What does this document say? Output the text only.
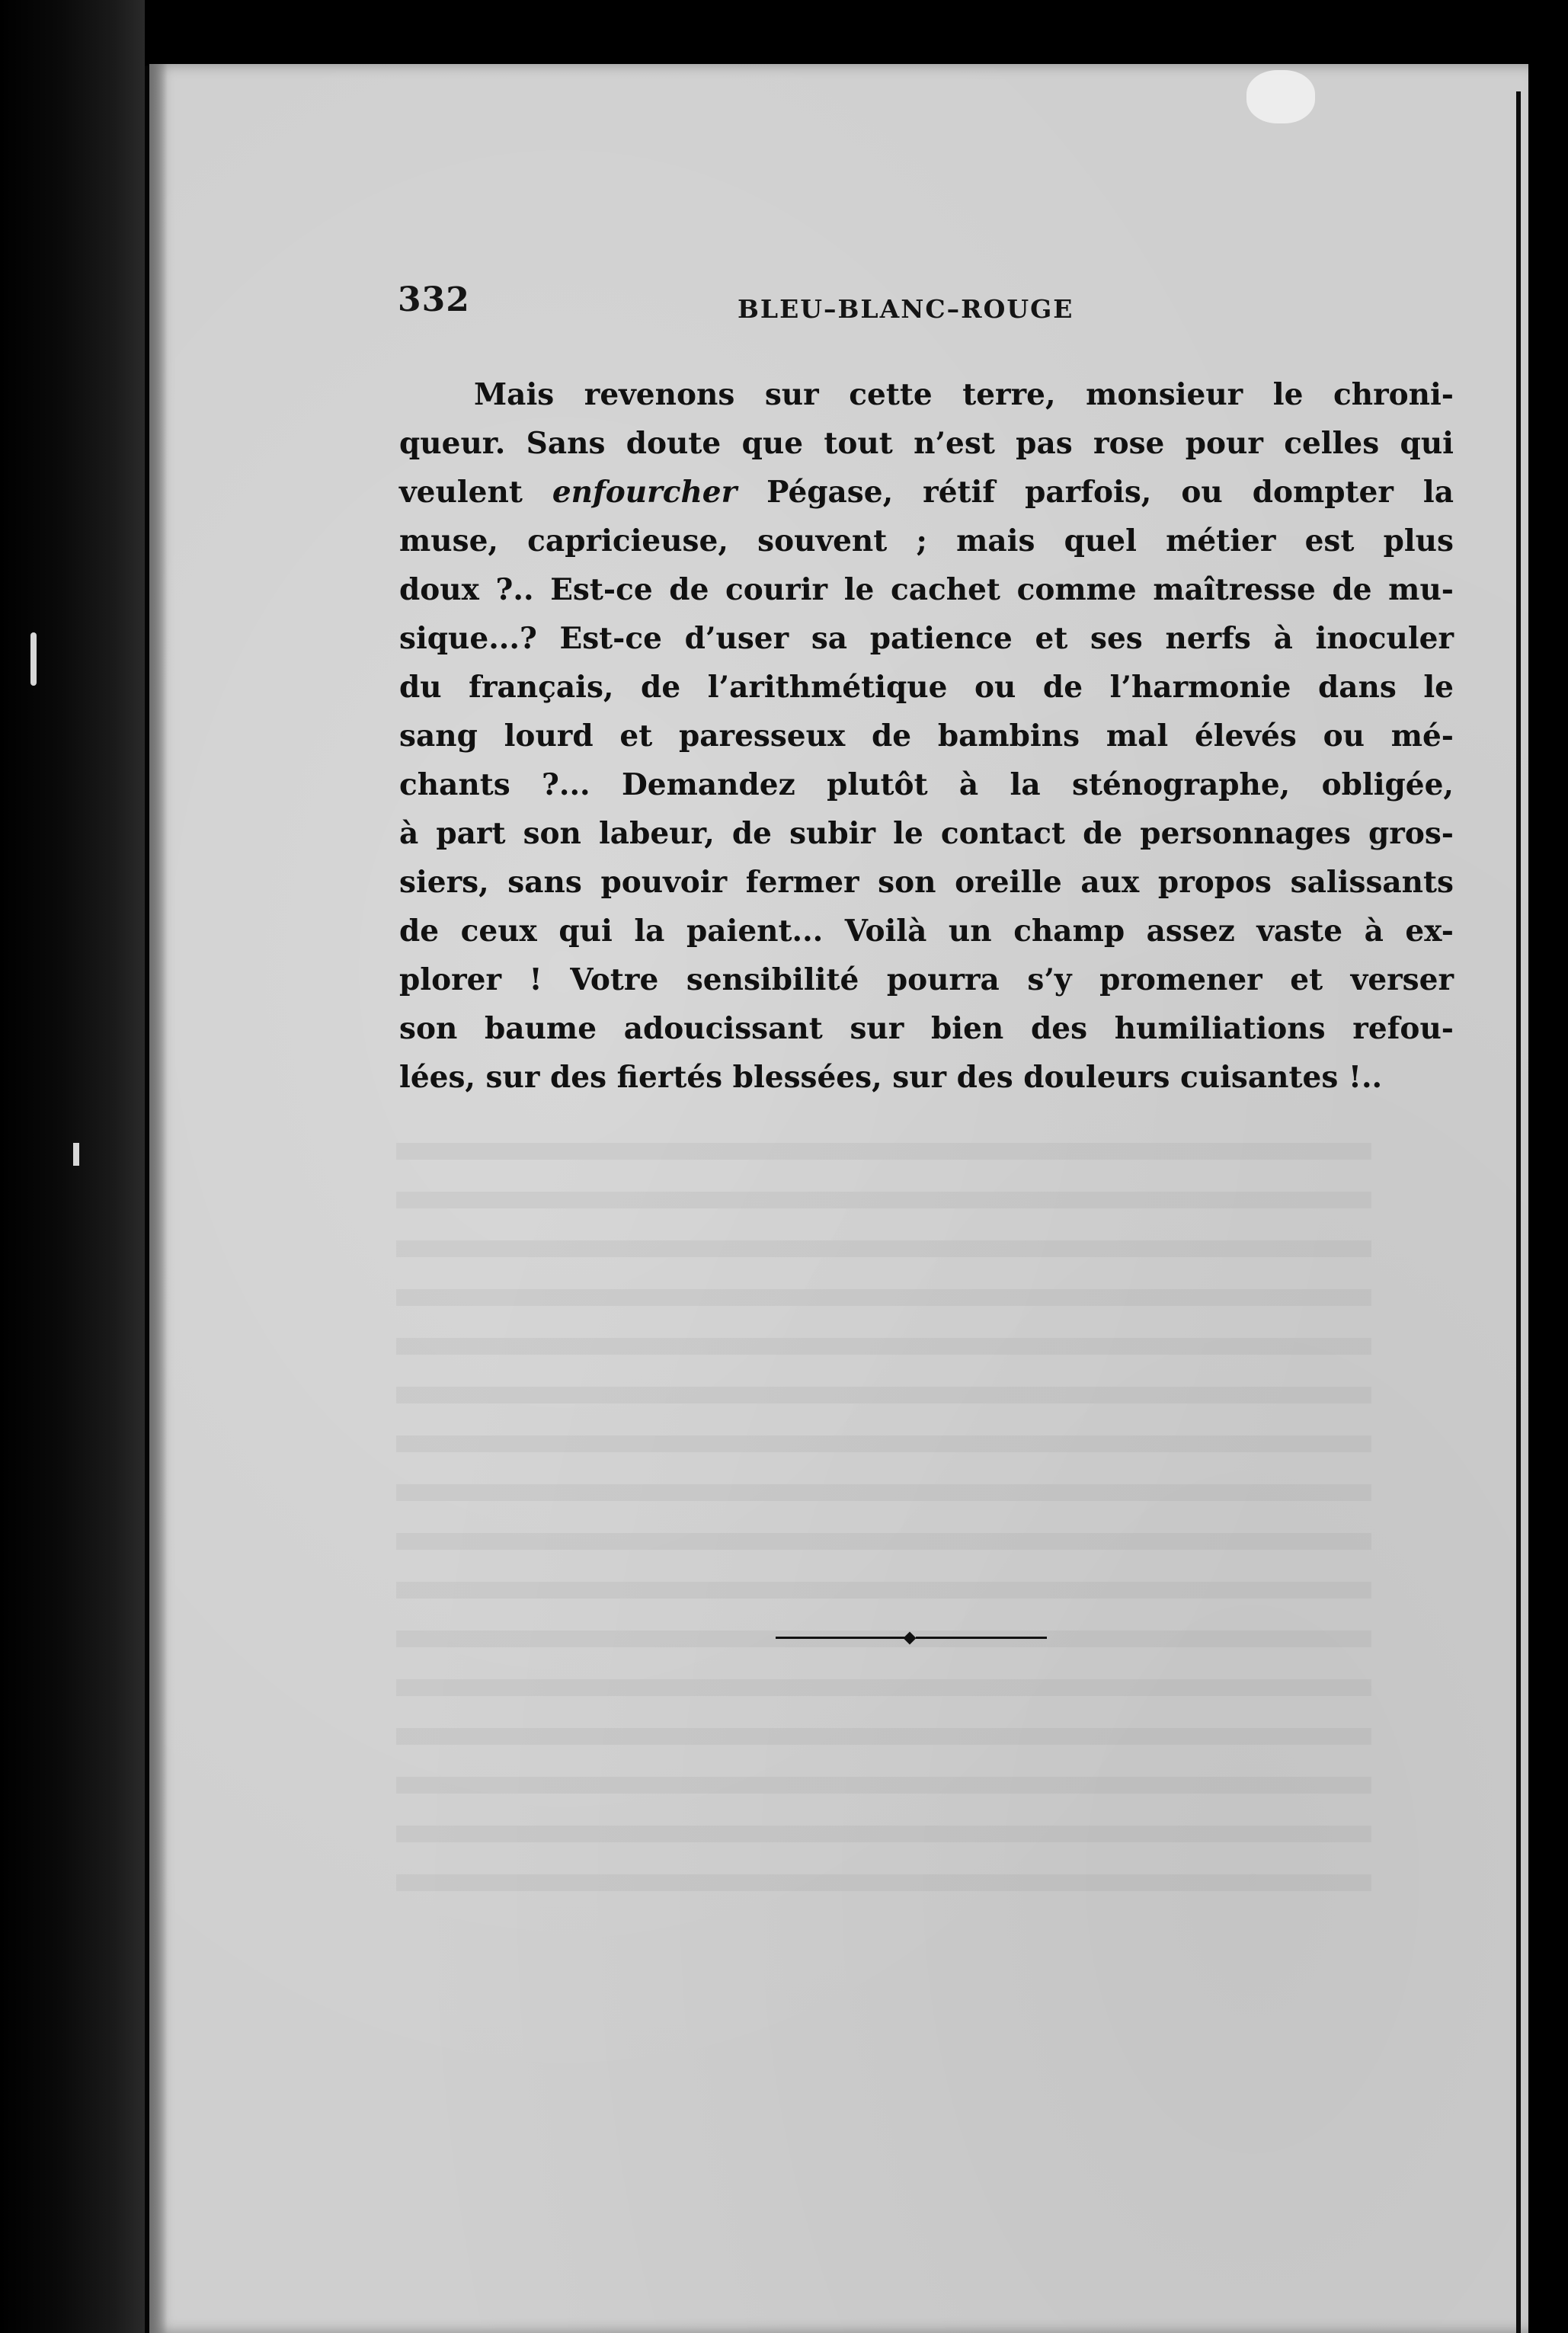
332	BLEU–BLANC–ROUGE
Mais revenons sur cette terre, monsieur le chroni-
queur. Sans doute que tout n’est pas rose pour celles qui
veulent enfourcher Pégase, rétif parfois, ou dompter la
muse, capricieuse, souvent ; mais quel métier est plus
doux ?.. Est-ce de courir le cachet comme maîtresse de mu-
sique...? Est-ce d’user sa patience et ses nerfs à inoculer
du français, de l’arithmétique ou de l’harmonie dans le
sang lourd et paresseux de bambins mal élevés ou mé-
chants ?... Demandez plutôt à la sténographe, obligée,
à part son labeur, de subir le contact de personnages gros-
siers, sans pouvoir fermer son oreille aux propos salissants
de ceux qui la paient... Voilà un champ assez vaste à ex-
plorer ! Votre sensibilité pourra s’y promener et verser
son baume adoucissant sur bien des humiliations refou-
lées, sur des fiertés blessées, sur des douleurs cuisantes !..
